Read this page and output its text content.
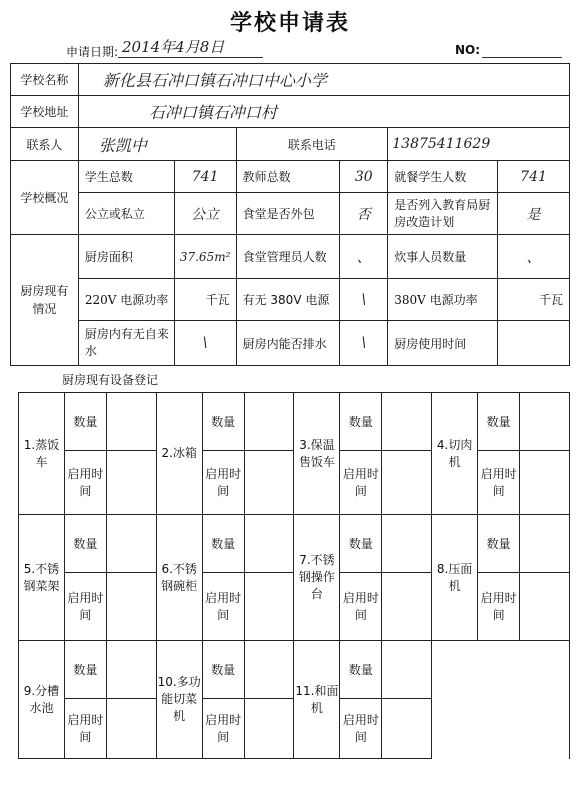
学校申请表
申请日期: 2014年4月8日	NO:
学校名称	新化县石冲口镇石冲口中心小学					
学校地址	石冲口镇石冲口村					
联系人	张凯中		联系电话		13875411629	
学校概况	学生总数	741	教师总数	30	就餐学生人数	741
	公立或私立	公立	食堂是否外包	否	是否列入教育局厨房改造计划	是
厨房现有情况	厨房面积	37.65m²	食堂管理员人数	、	炊事人员数量	、
	220V 电源功率	千瓦	有无 380V 电源	\	380V 电源功率	千瓦
	厨房内有无自来水	\	厨房内能否排水	\	厨房使用时间	
厨房现有设备登记
1.蒸饭车	数量		2.冰箱	数量		3.保温售饭车	数量		4.切肉机	数量	
	启用时间			启用时间			启用时间			启用时间	
5.不锈钢菜架	数量		6.不锈钢碗柜	数量		7.不锈钢操作台	数量		8.压面机	数量	
	启用时间			启用时间			启用时间			启用时间	
9.分槽水池	数量		10.多功能切菜机	数量		11.和面机	数量				
	启用时间			启用时间			启用时间				
